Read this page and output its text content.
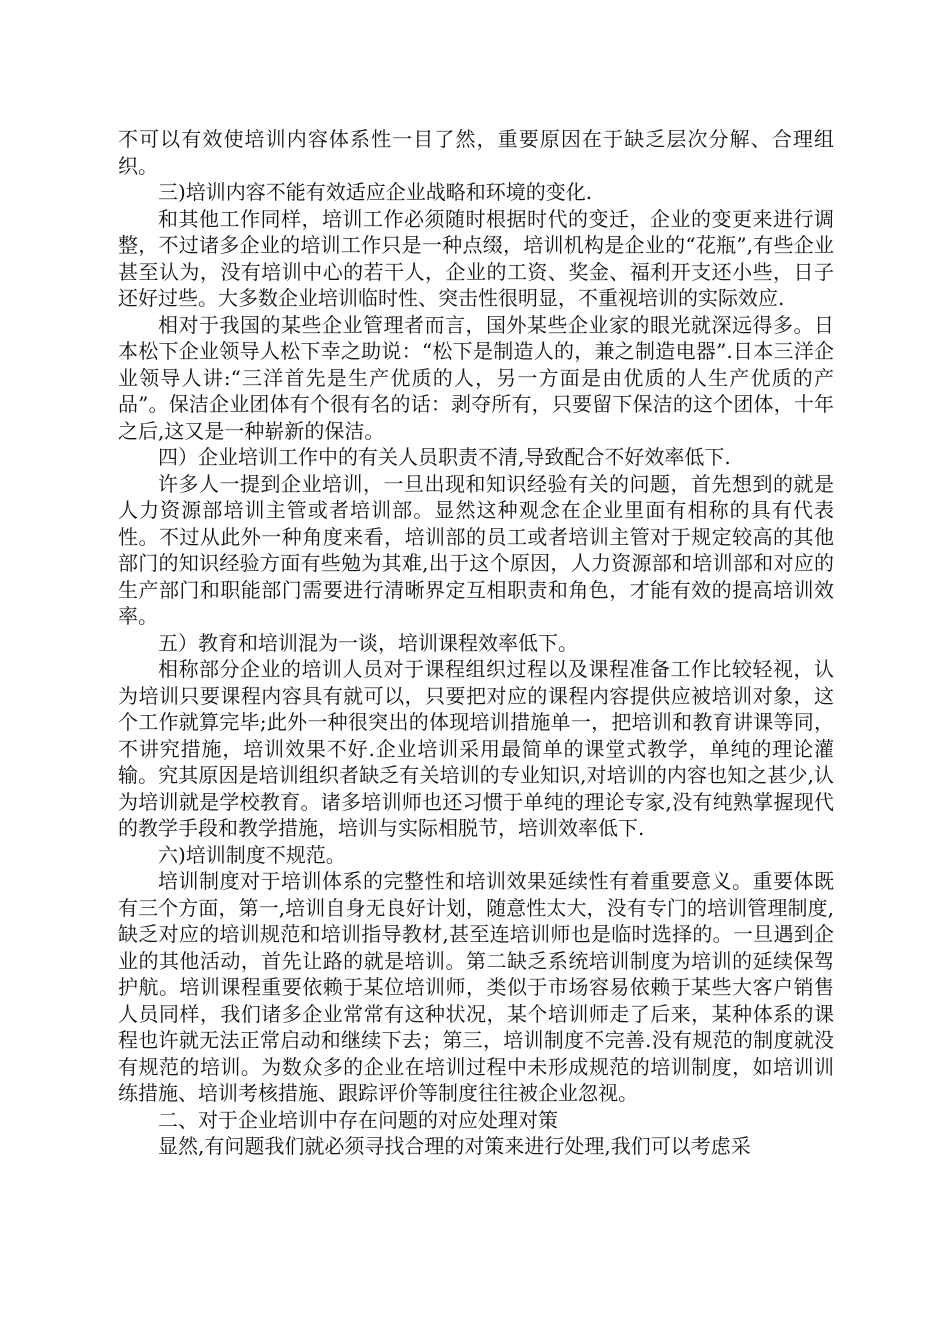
不可以有效使培训内容体系性一目了然，重要原因在于缺乏层次分解、合理组织。

三)培训内容不能有效适应企业战略和环境的变化.

和其他工作同样，培训工作必须随时根据时代的变迁，企业的变更来进行调整，不过诸多企业的培训工作只是一种点缀，培训机构是企业的“花瓶”,有些企业甚至认为，没有培训中心的若干人，企业的工资、奖金、福利开支还小些，日子还好过些。大多数企业培训临时性、突击性很明显，不重视培训的实际效应.

相对于我国的某些企业管理者而言，国外某些企业家的眼光就深远得多。日本松下企业领导人松下幸之助说：“松下是制造人的，兼之制造电器”.日本三洋企业领导人讲:“三洋首先是生产优质的人，另一方面是由优质的人生产优质的产品”。保洁企业团体有个很有名的话：剥夺所有，只要留下保洁的这个团体，十年之后,这又是一种崭新的保洁。

四）企业培训工作中的有关人员职责不清,导致配合不好效率低下.

许多人一提到企业培训，一旦出现和知识经验有关的问题，首先想到的就是人力资源部培训主管或者培训部。显然这种观念在企业里面有相称的具有代表性。不过从此外一种角度来看，培训部的员工或者培训主管对于规定较高的其他部门的知识经验方面有些勉为其难,出于这个原因，人力资源部和培训部和对应的生产部门和职能部门需要进行清晰界定互相职责和角色，才能有效的提高培训效率。

五）教育和培训混为一谈，培训课程效率低下。

相称部分企业的培训人员对于课程组织过程以及课程准备工作比较轻视，认为培训只要课程内容具有就可以，只要把对应的课程内容提供应被培训对象，这个工作就算完毕;此外一种很突出的体现培训措施单一，把培训和教育讲课等同，不讲究措施，培训效果不好.企业培训采用最简单的课堂式教学，单纯的理论灌输。究其原因是培训组织者缺乏有关培训的专业知识,对培训的内容也知之甚少,认为培训就是学校教育。诸多培训师也还习惯于单纯的理论专家,没有纯熟掌握现代的教学手段和教学措施，培训与实际相脱节，培训效率低下.

六)培训制度不规范。

培训制度对于培训体系的完整性和培训效果延续性有着重要意义。重要体既有三个方面，第一,培训自身无良好计划，随意性太大，没有专门的培训管理制度,缺乏对应的培训规范和培训指导教材,甚至连培训师也是临时选择的。一旦遇到企业的其他活动，首先让路的就是培训。第二缺乏系统培训制度为培训的延续保驾护航。培训课程重要依赖于某位培训师，类似于市场容易依赖于某些大客户销售人员同样，我们诸多企业常常有这种状况，某个培训师走了后来，某种体系的课程也许就无法正常启动和继续下去；第三，培训制度不完善.没有规范的制度就没有规范的培训。为数众多的企业在培训过程中未形成规范的培训制度，如培训训练措施、培训考核措施、跟踪评价等制度往往被企业忽视。

二、对于企业培训中存在问题的对应处理对策

显然,有问题我们就必须寻找合理的对策来进行处理,我们可以考虑采
